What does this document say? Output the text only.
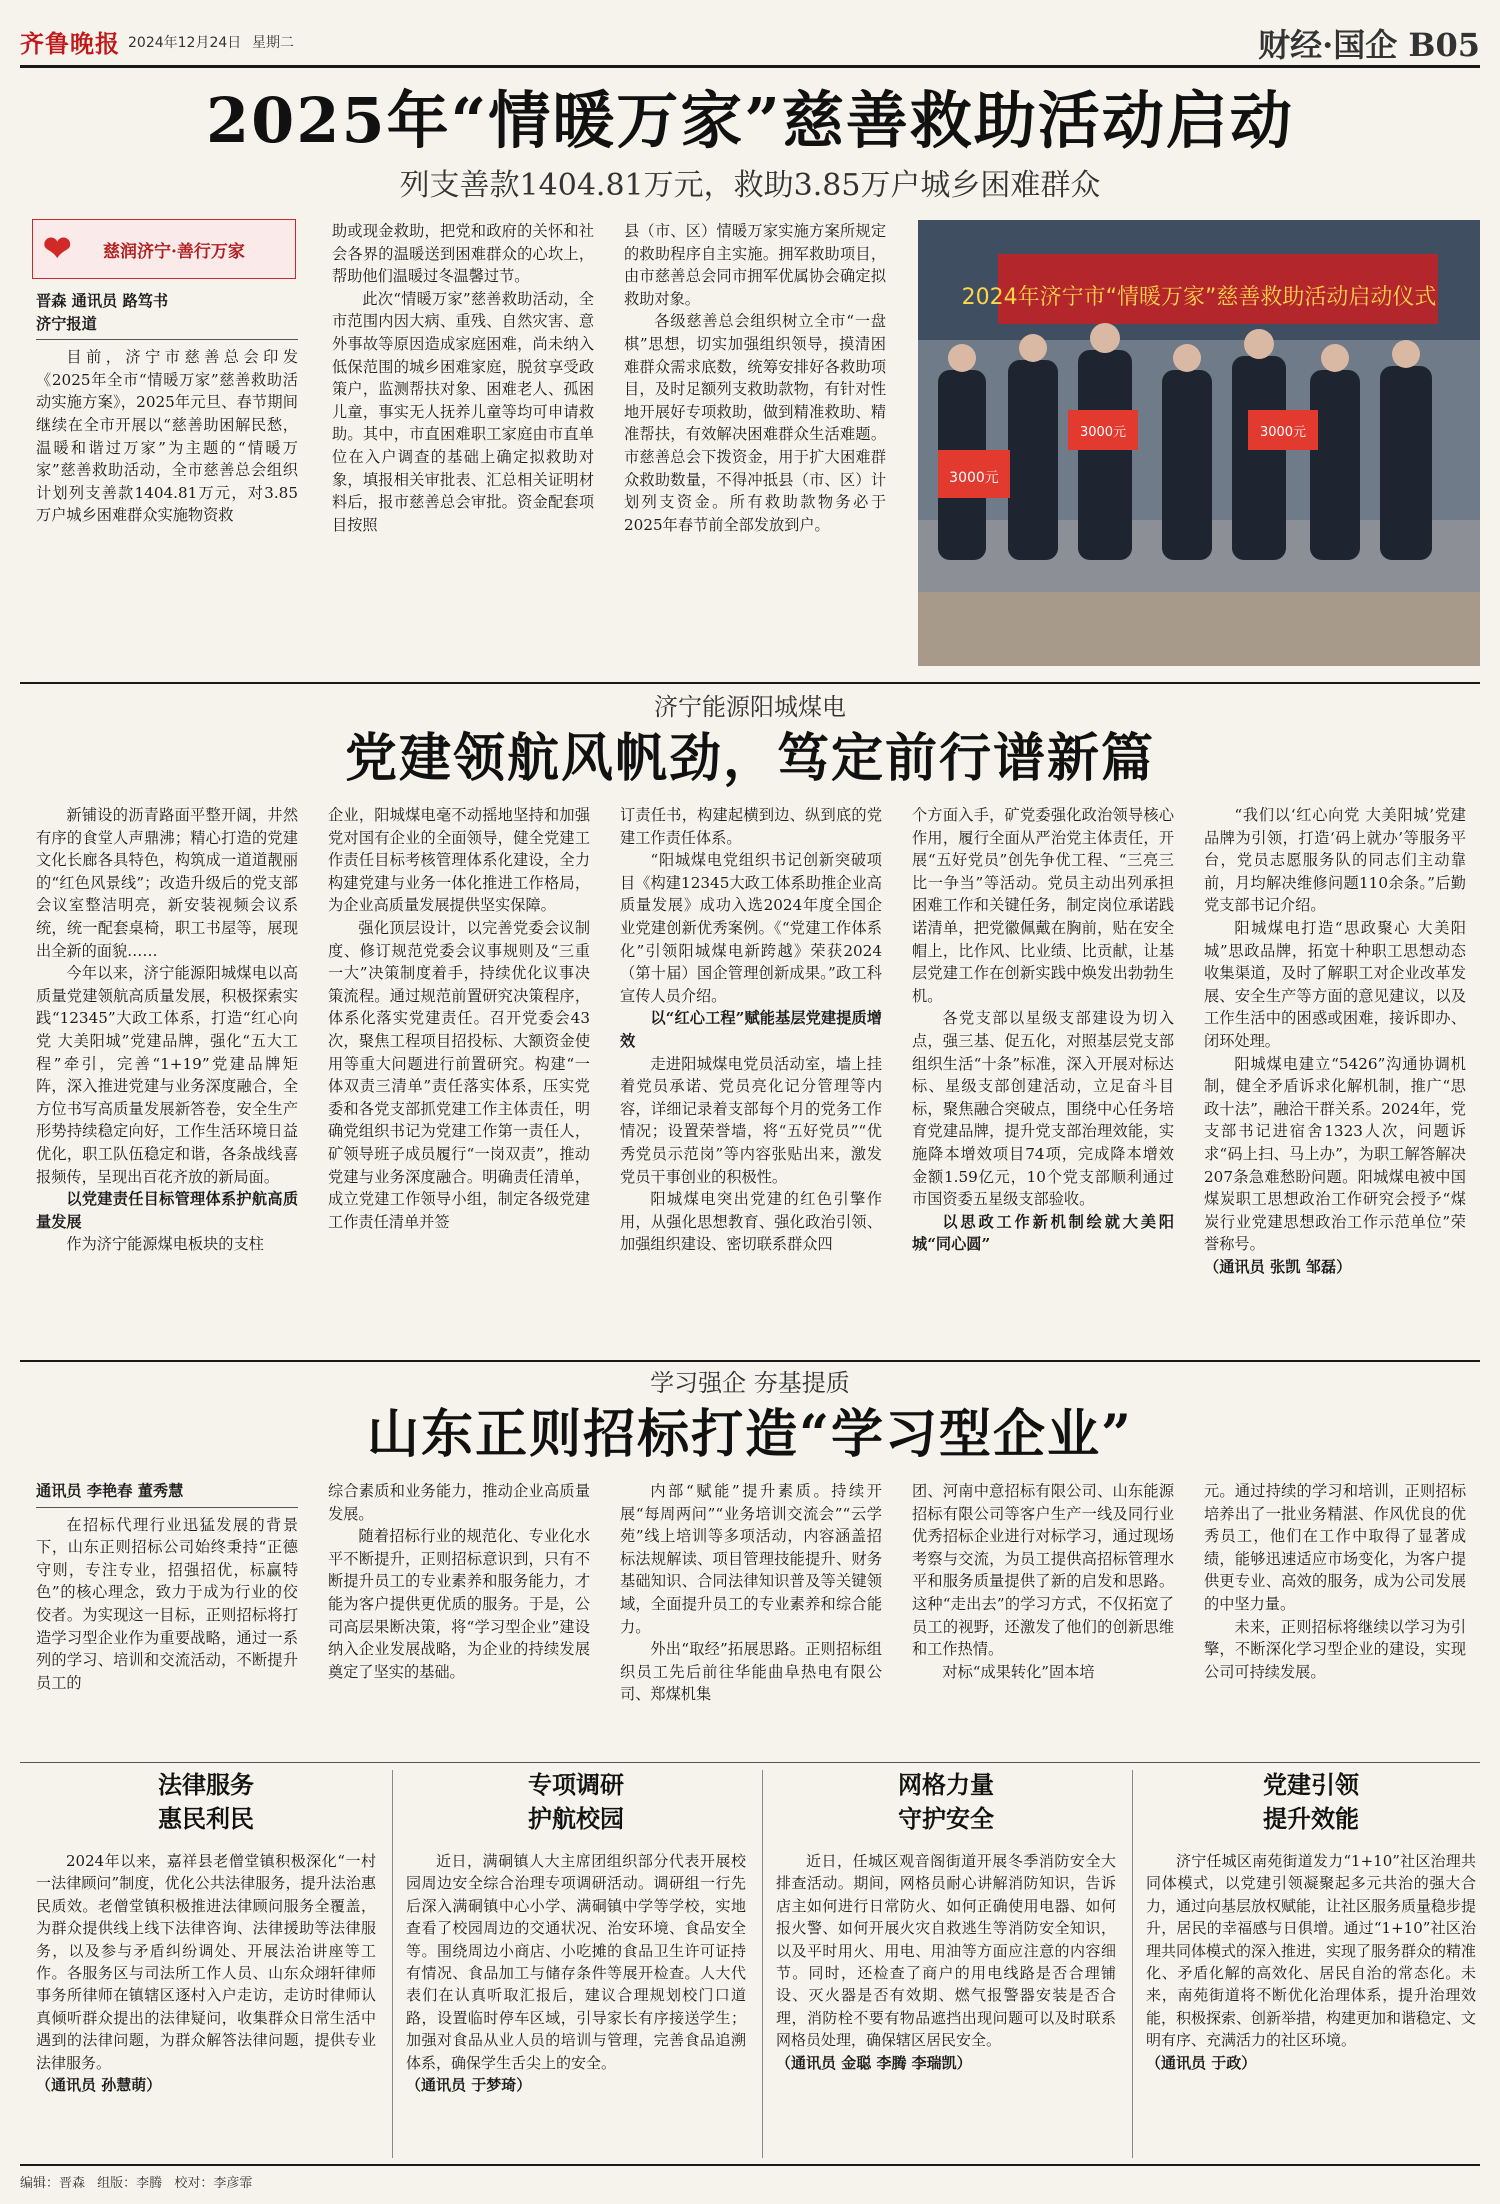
齐鲁晚报 2024年12月24日 星期二	财经·国企 B05
2025年“情暖万家”慈善救助活动启动
列支善款1404.81万元，救助3.85万户城乡困难群众
❤ 慈润济宁·善行万家

晋森 通讯员 路笃书

济宁报道

目前，济宁市慈善总会印发《2025年全市“情暖万家”慈善救助活动实施方案》，2025年元旦、春节期间继续在全市开展以“慈善助困解民愁，温暖和谐过万家”为主题的“情暖万家”慈善救助活动，全市慈善总会组织计划列支善款1404.81万元，对3.85万户城乡困难群众实施物资救

助或现金救助，把党和政府的关怀和社会各界的温暖送到困难群众的心坎上，帮助他们温暖过冬温馨过节。

此次“情暖万家”慈善救助活动，全市范围内因大病、重残、自然灾害、意外事故等原因造成家庭困难，尚未纳入低保范围的城乡困难家庭，脱贫享受政策户，监测帮扶对象、困难老人、孤困儿童，事实无人抚养儿童等均可申请救助。其中，市直困难职工家庭由市直单位在入户调查的基础上确定拟救助对象，填报相关审批表、汇总相关证明材料后，报市慈善总会审批。资金配套项目按照

县（市、区）情暖万家实施方案所规定的救助程序自主实施。拥军救助项目，由市慈善总会同市拥军优属协会确定拟救助对象。

各级慈善总会组织树立全市“一盘棋”思想，切实加强组织领导，摸清困难群众需求底数，统筹安排好各救助项目，及时足额列支救助款物，有针对性地开展好专项救助，做到精准救助、精准帮扶，有效解决困难群众生活难题。市慈善总会下拨资金，用于扩大困难群众救助数量，不得冲抵县（市、区）计划列支资金。所有救助款物务必于2025年春节前全部发放到户。

2024年济宁市“情暖万家”慈善救助活动启动仪式
3000元
3000元	3000元
济宁能源阳城煤电
党建领航风帆劲，笃定前行谱新篇

新铺设的沥青路面平整开阔，井然有序的食堂人声鼎沸；精心打造的党建文化长廊各具特色，构筑成一道道靓丽的“红色风景线”；改造升级后的党支部会议室整洁明亮，新安装视频会议系统，统一配套桌椅，职工书屋等，展现出全新的面貌……

今年以来，济宁能源阳城煤电以高质量党建领航高质量发展，积极探索实践“12345”大政工体系，打造“红心向党 大美阳城”党建品牌，强化“五大工程”牵引，完善“1+19”党建品牌矩阵，深入推进党建与业务深度融合，全方位书写高质量发展新答卷，安全生产形势持续稳定向好，工作生活环境日益优化，职工队伍稳定和谐，各条战线喜报频传，呈现出百花齐放的新局面。

以党建责任目标管理体系护航高质量发展

作为济宁能源煤电板块的支柱

企业，阳城煤电毫不动摇地坚持和加强党对国有企业的全面领导，健全党建工作责任目标考核管理体系化建设，全力构建党建与业务一体化推进工作格局，为企业高质量发展提供坚实保障。

强化顶层设计，以完善党委会议制度、修订规范党委会议事规则及“三重一大”决策制度着手，持续优化议事决策流程。通过规范前置研究决策程序，体系化落实党建责任。召开党委会43次，聚焦工程项目招投标、大额资金使用等重大问题进行前置研究。构建“一体双责三清单”责任落实体系，压实党委和各党支部抓党建工作主体责任，明确党组织书记为党建工作第一责任人，矿领导班子成员履行“一岗双责”，推动党建与业务深度融合。明确责任清单，成立党建工作领导小组，制定各级党建工作责任清单并签

订责任书，构建起横到边、纵到底的党建工作责任体系。

“阳城煤电党组织书记创新突破项目《构建12345大政工体系助推企业高质量发展》成功入选2024年度全国企业党建创新优秀案例。《“党建工作体系化”引领阳城煤电新跨越》荣获2024（第十届）国企管理创新成果。”政工科宣传人员介绍。

以“红心工程”赋能基层党建提质增效

走进阳城煤电党员活动室，墙上挂着党员承诺、党员亮化记分管理等内容，详细记录着支部每个月的党务工作情况；设置荣誉墙，将“五好党员”“优秀党员示范岗”等内容张贴出来，激发党员干事创业的积极性。

阳城煤电突出党建的红色引擎作用，从强化思想教育、强化政治引领、加强组织建设、密切联系群众四

个方面入手，矿党委强化政治领导核心作用，履行全面从严治党主体责任，开展“五好党员”创先争优工程、“三亮三比一争当”等活动。党员主动出列承担困难工作和关键任务，制定岗位承诺践诺清单，把党徽佩戴在胸前，贴在安全帽上，比作风、比业绩、比贡献，让基层党建工作在创新实践中焕发出勃勃生机。

各党支部以星级支部建设为切入点，强三基、促五化，对照基层党支部组织生活“十条”标准，深入开展对标达标、星级支部创建活动，立足奋斗目标，聚焦融合突破点，围绕中心任务培育党建品牌，提升党支部治理效能，实施降本增效项目74项，完成降本增效金额1.59亿元，10个党支部顺利通过市国资委五星级支部验收。

以思政工作新机制绘就大美阳城“同心圆”

“我们以‘红心向党 大美阳城’党建品牌为引领，打造‘码上就办’等服务平台，党员志愿服务队的同志们主动靠前，月均解决维修问题110余条。”后勤党支部书记介绍。

阳城煤电打造“思政聚心 大美阳城”思政品牌，拓宽十种职工思想动态收集渠道，及时了解职工对企业改革发展、安全生产等方面的意见建议，以及工作生活中的困惑或困难，接诉即办、闭环处理。

阳城煤电建立“5426”沟通协调机制，健全矛盾诉求化解机制，推广“思政十法”，融洽干群关系。2024年，党支部书记进宿舍1323人次，问题诉求“码上扫、马上办”，为职工解答解决207条急难愁盼问题。阳城煤电被中国煤炭职工思想政治工作研究会授予“煤炭行业党建思想政治工作示范单位”荣誉称号。

（通讯员 张凯 邹磊）

学习强企 夯基提质
山东正则招标打造“学习型企业”

通讯员 李艳春 董秀慧

在招标代理行业迅猛发展的背景下，山东正则招标公司始终秉持“正德守则，专注专业，招强招优，标赢特色”的核心理念，致力于成为行业的佼佼者。为实现这一目标，正则招标将打造学习型企业作为重要战略，通过一系列的学习、培训和交流活动，不断提升员工的

综合素质和业务能力，推动企业高质量发展。

随着招标行业的规范化、专业化水平不断提升，正则招标意识到，只有不断提升员工的专业素养和服务能力，才能为客户提供更优质的服务。于是，公司高层果断决策，将“学习型企业”建设纳入企业发展战略，为企业的持续发展奠定了坚实的基础。

内部“赋能”提升素质。持续开展“每周两问”“业务培训交流会”“云学苑”线上培训等多项活动，内容涵盖招标法规解读、项目管理技能提升、财务基础知识、合同法律知识普及等关键领域，全面提升员工的专业素养和综合能力。

外出“取经”拓展思路。正则招标组织员工先后前往华能曲阜热电有限公司、郑煤机集

团、河南中意招标有限公司、山东能源招标有限公司等客户生产一线及同行业优秀招标企业进行对标学习，通过现场考察与交流，为员工提供高招标管理水平和服务质量提供了新的启发和思路。这种“走出去”的学习方式，不仅拓宽了员工的视野，还激发了他们的创新思维和工作热情。

对标“成果转化”固本培

元。通过持续的学习和培训，正则招标培养出了一批业务精湛、作风优良的优秀员工，他们在工作中取得了显著成绩，能够迅速适应市场变化，为客户提供更专业、高效的服务，成为公司发展的中坚力量。

未来，正则招标将继续以学习为引擎，不断深化学习型企业的建设，实现公司可持续发展。

法律服务
惠民利民

2024年以来，嘉祥县老僧堂镇积极深化“一村一法律顾问”制度，优化公共法律服务，提升法治惠民质效。老僧堂镇积极推进法律顾问服务全覆盖，为群众提供线上线下法律咨询、法律援助等法律服务，以及参与矛盾纠纷调处、开展法治讲座等工作。各服务区与司法所工作人员、山东众翊轩律师事务所律师在镇辖区逐村入户走访，走访时律师认真倾听群众提出的法律疑问，收集群众日常生活中遇到的法律问题，为群众解答法律问题，提供专业法律服务。

（通讯员 孙慧萌）

专项调研
护航校园

近日，满硐镇人大主席团组织部分代表开展校园周边安全综合治理专项调研活动。调研组一行先后深入满硐镇中心小学、满硐镇中学等学校，实地查看了校园周边的交通状况、治安环境、食品安全等。围绕周边小商店、小吃摊的食品卫生许可证持有情况、食品加工与储存条件等展开检查。人大代表们在认真听取汇报后，建议合理规划校门口道路，设置临时停车区域，引导家长有序接送学生；加强对食品从业人员的培训与管理，完善食品追溯体系，确保学生舌尖上的安全。

（通讯员 于梦琦）

网格力量
守护安全

近日，任城区观音阁街道开展冬季消防安全大排查活动。期间，网格员耐心讲解消防知识，告诉店主如何进行日常防火、如何正确使用电器、如何报火警、如何开展火灾自救逃生等消防安全知识，以及平时用火、用电、用油等方面应注意的内容细节。同时，还检查了商户的用电线路是否合理铺设、灭火器是否有效期、燃气报警器安装是否合理，消防栓不要有物品遮挡出现问题可以及时联系网格员处理，确保辖区居民安全。

（通讯员 金聪 李腾 李瑞凯）

党建引领
提升效能

济宁任城区南苑街道发力“1+10”社区治理共同体模式，以党建引领凝聚起多元共治的强大合力，通过向基层放权赋能，让社区服务质量稳步提升，居民的幸福感与日俱增。通过“1+10”社区治理共同体模式的深入推进，实现了服务群众的精准化、矛盾化解的高效化、居民自治的常态化。未来，南苑街道将不断优化治理体系，提升治理效能，积极探索、创新举措，构建更加和谐稳定、文明有序、充满活力的社区环境。

（通讯员 于政）

编辑：晋森 组版：李腾 校对：李彦霏
